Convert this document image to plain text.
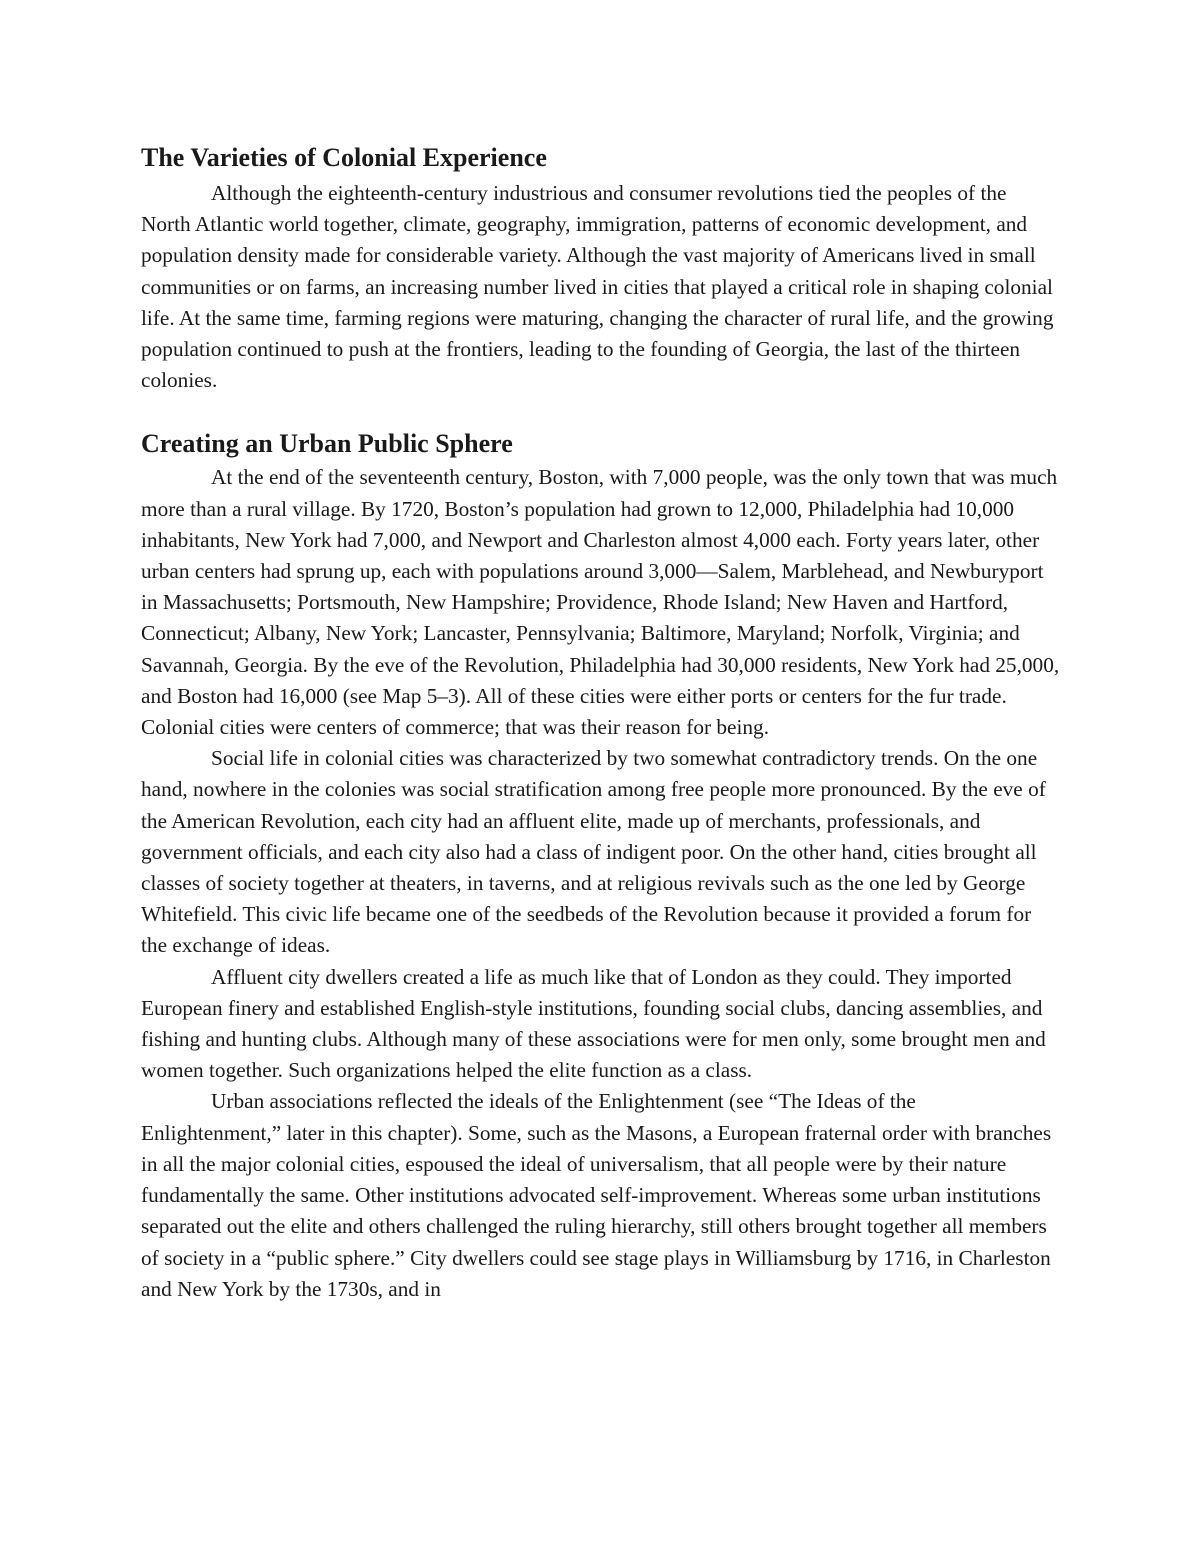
The Varieties of Colonial Experience

Although the eighteenth-century industrious and consumer revolutions tied the peoples of the North Atlantic world together, climate, geography, immigration, patterns of economic development, and population density made for considerable variety. Although the vast majority of Americans lived in small communities or on farms, an increasing number lived in cities that played a critical role in shaping colonial life. At the same time, farming regions were maturing, changing the character of rural life, and the growing population continued to push at the frontiers, leading to the founding of Georgia, the last of the thirteen colonies.

Creating an Urban Public Sphere

At the end of the seventeenth century, Boston, with 7,000 people, was the only town that was much more than a rural village. By 1720, Boston’s population had grown to 12,000, Philadelphia had 10,000 inhabitants, New York had 7,000, and Newport and Charleston almost 4,000 each. Forty years later, other urban centers had sprung up, each with populations around 3,000—Salem, Marblehead, and Newburyport in Massachusetts; Portsmouth, New Hampshire; Providence, Rhode Island; New Haven and Hartford, Connecticut; Albany, New York; Lancaster, Pennsylvania; Baltimore, Maryland; Norfolk, Virginia; and Savannah, Georgia. By the eve of the Revolution, Philadelphia had 30,000 residents, New York had 25,000, and Boston had 16,000 (see Map 5–3). All of these cities were either ports or centers for the fur trade. Colonial cities were centers of commerce; that was their reason for being.

Social life in colonial cities was characterized by two somewhat contradictory trends. On the one hand, nowhere in the colonies was social stratification among free people more pronounced. By the eve of the American Revolution, each city had an affluent elite, made up of merchants, professionals, and government officials, and each city also had a class of indigent poor. On the other hand, cities brought all classes of society together at theaters, in taverns, and at religious revivals such as the one led by George Whitefield. This civic life became one of the seedbeds of the Revolution because it provided a forum for the exchange of ideas.

Affluent city dwellers created a life as much like that of London as they could. They imported European finery and established English-style institutions, founding social clubs, dancing assemblies, and fishing and hunting clubs. Although many of these associations were for men only, some brought men and women together. Such organizations helped the elite function as a class.

Urban associations reflected the ideals of the Enlightenment (see “The Ideas of the Enlightenment,” later in this chapter). Some, such as the Masons, a European fraternal order with branches in all the major colonial cities, espoused the ideal of universalism, that all people were by their nature fundamentally the same. Other institutions advocated self-improvement. Whereas some urban institutions separated out the elite and others challenged the ruling hierarchy, still others brought together all members of society in a “public sphere.” City dwellers could see stage plays in Williamsburg by 1716, in Charleston and New York by the 1730s, and in
